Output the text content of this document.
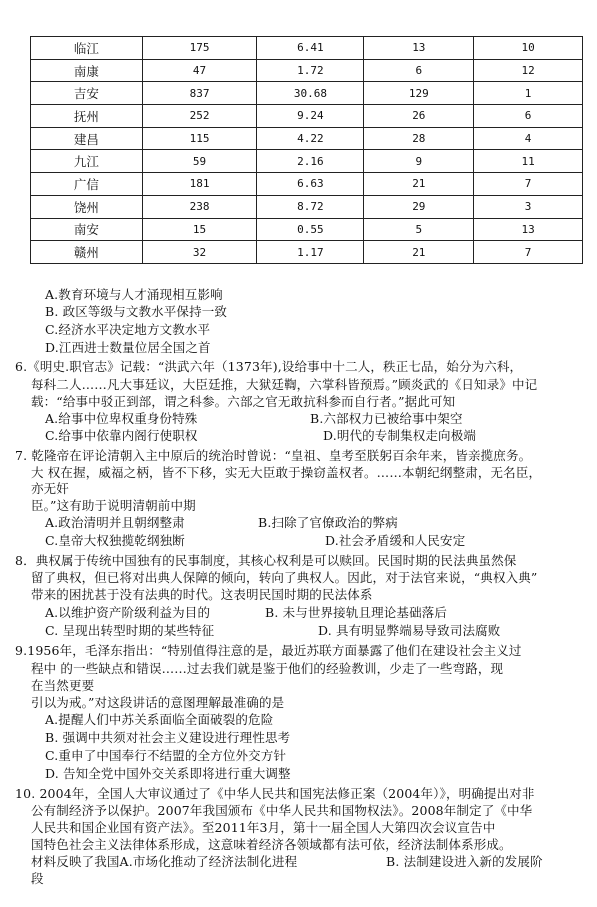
临江	175	6.41	13	10
南康	47	1.72	6	12
吉安	837	30.68	129	1
抚州	252	9.24	26	6
建昌	115	4.22	28	4
九江	59	2.16	9	11
广信	181	6.63	21	7
饶州	238	8.72	29	3
南安	15	0.55	5	13
赣州	32	1.17	21	7
A.教育环境与人才涌现相互影响
B. 政区等级与文教水平保持一致
C.经济水平决定地方文教水平
D.江西进士数量位居全国之首
6.《明史.职官志》记载：“洪武六年（1373年),设给事中十二人，秩正七品，始分为六科，
每科二人……凡大事廷议，大臣廷推，大狱廷鞫，六掌科皆预焉。”顾炎武的《日知录》中记
载：“给事中驳正到部，谓之科参。六部之官无敢抗科参而自行者。”据此可知
A.给事中位卑权重身份特殊	B.六部权力已被给事中架空
C.给事中依靠内阁行使职权	D.明代的专制集权走向极端
7. 乾隆帝在评论清朝入主中原后的统治时曾说：“皇祖、皇考至朕躬百余年来，皆亲揽庶务。
大 权在握，威福之柄，皆不下移，实无大臣敢于操窃盖权者。……本朝纪纲整肃，无名臣，
亦无奸
臣。”这有助于说明清朝前中期
A.政治清明并且朝纲整肃	B.扫除了官僚政治的弊病
C.皇帝大权独揽乾纲独断	D.社会矛盾缓和人民安定
8．典权属于传统中国独有的民事制度，其核心权利是可以赎回。民国时期的民法典虽然保
留了典权，但已将对出典人保障的倾向，转向了典权人。因此，对于法官来说，“典权入典”
带来的困扰甚于没有法典的时代。这表明民国时期的民法体系
A.以维护资产阶级利益为目的	B. 未与世界接轨且理论基础落后
C. 呈现出转型时期的某些特征	D. 具有明显弊端易导致司法腐败
9.1956年，毛泽东指出：“特别值得注意的是，最近苏联方面暴露了他们在建设社会主义过
程中 的一些缺点和错误……过去我们就是鉴于他们的经验教训，少走了一些弯路，现
在当然更要
引以为戒。”对这段讲话的意图理解最准确的是
A.提醒人们中苏关系面临全面破裂的危险
B. 强调中共须对社会主义建设进行理性思考
C.重申了中国奉行不结盟的全方位外交方针
D. 告知全党中国外交关系即将进行重大调整
10. 2004年，全国人大审议通过了《中华人民共和国宪法修正案（2004年）》，明确提出对非
公有制经济予以保护。2007年我国颁布《中华人民共和国物权法》。2008年制定了《中华
人民共和国企业国有资产法》。至2011年3月，第十一届全国人大第四次会议宣告中
国特色社会主义法律体系形成，这意味着经济各领域都有法可依，经济法制体系形成。
材料反映了我国A.市场化推动了经济法制化进程	B. 法制建设进入新的发展阶
段
